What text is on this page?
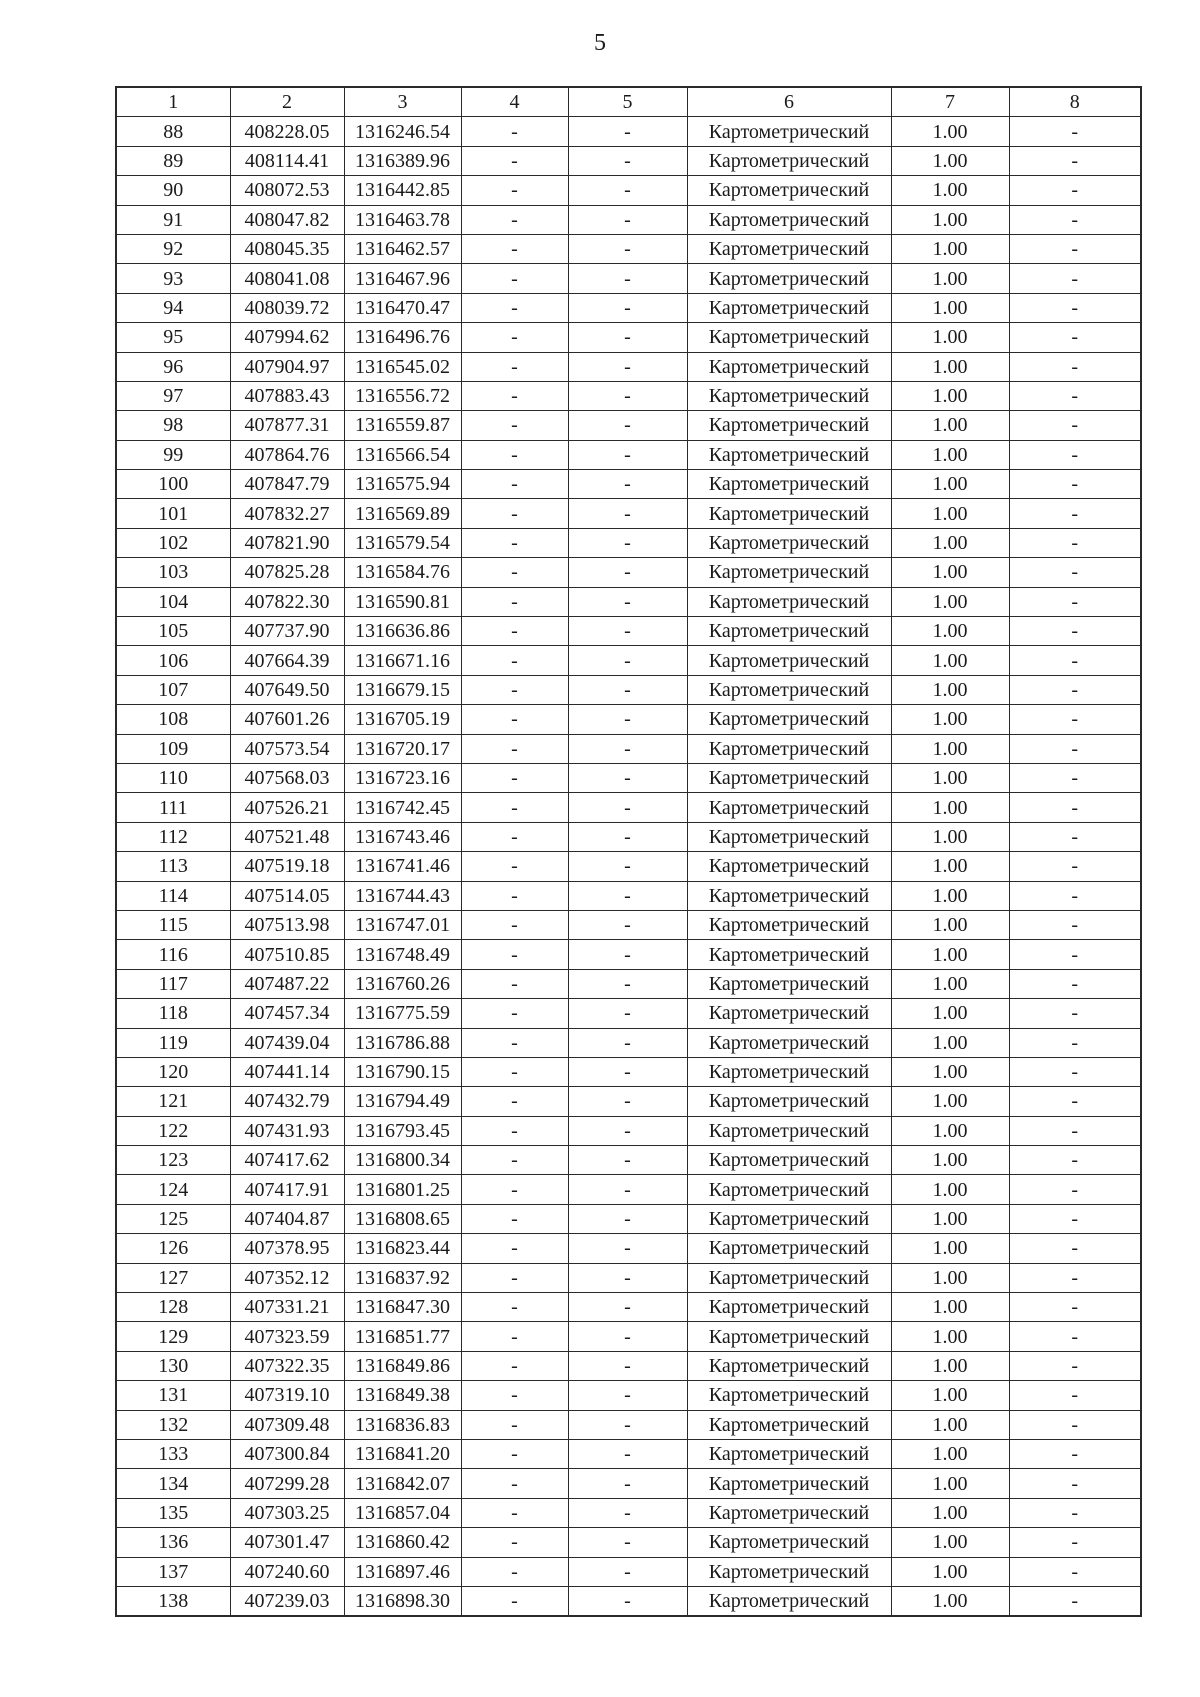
5
1	2	3	4	5	6	7	8
88	408228.05	1316246.54	-	-	Картометрический	1.00	-
89	408114.41	1316389.96	-	-	Картометрический	1.00	-
90	408072.53	1316442.85	-	-	Картометрический	1.00	-
91	408047.82	1316463.78	-	-	Картометрический	1.00	-
92	408045.35	1316462.57	-	-	Картометрический	1.00	-
93	408041.08	1316467.96	-	-	Картометрический	1.00	-
94	408039.72	1316470.47	-	-	Картометрический	1.00	-
95	407994.62	1316496.76	-	-	Картометрический	1.00	-
96	407904.97	1316545.02	-	-	Картометрический	1.00	-
97	407883.43	1316556.72	-	-	Картометрический	1.00	-
98	407877.31	1316559.87	-	-	Картометрический	1.00	-
99	407864.76	1316566.54	-	-	Картометрический	1.00	-
100	407847.79	1316575.94	-	-	Картометрический	1.00	-
101	407832.27	1316569.89	-	-	Картометрический	1.00	-
102	407821.90	1316579.54	-	-	Картометрический	1.00	-
103	407825.28	1316584.76	-	-	Картометрический	1.00	-
104	407822.30	1316590.81	-	-	Картометрический	1.00	-
105	407737.90	1316636.86	-	-	Картометрический	1.00	-
106	407664.39	1316671.16	-	-	Картометрический	1.00	-
107	407649.50	1316679.15	-	-	Картометрический	1.00	-
108	407601.26	1316705.19	-	-	Картометрический	1.00	-
109	407573.54	1316720.17	-	-	Картометрический	1.00	-
110	407568.03	1316723.16	-	-	Картометрический	1.00	-
111	407526.21	1316742.45	-	-	Картометрический	1.00	-
112	407521.48	1316743.46	-	-	Картометрический	1.00	-
113	407519.18	1316741.46	-	-	Картометрический	1.00	-
114	407514.05	1316744.43	-	-	Картометрический	1.00	-
115	407513.98	1316747.01	-	-	Картометрический	1.00	-
116	407510.85	1316748.49	-	-	Картометрический	1.00	-
117	407487.22	1316760.26	-	-	Картометрический	1.00	-
118	407457.34	1316775.59	-	-	Картометрический	1.00	-
119	407439.04	1316786.88	-	-	Картометрический	1.00	-
120	407441.14	1316790.15	-	-	Картометрический	1.00	-
121	407432.79	1316794.49	-	-	Картометрический	1.00	-
122	407431.93	1316793.45	-	-	Картометрический	1.00	-
123	407417.62	1316800.34	-	-	Картометрический	1.00	-
124	407417.91	1316801.25	-	-	Картометрический	1.00	-
125	407404.87	1316808.65	-	-	Картометрический	1.00	-
126	407378.95	1316823.44	-	-	Картометрический	1.00	-
127	407352.12	1316837.92	-	-	Картометрический	1.00	-
128	407331.21	1316847.30	-	-	Картометрический	1.00	-
129	407323.59	1316851.77	-	-	Картометрический	1.00	-
130	407322.35	1316849.86	-	-	Картометрический	1.00	-
131	407319.10	1316849.38	-	-	Картометрический	1.00	-
132	407309.48	1316836.83	-	-	Картометрический	1.00	-
133	407300.84	1316841.20	-	-	Картометрический	1.00	-
134	407299.28	1316842.07	-	-	Картометрический	1.00	-
135	407303.25	1316857.04	-	-	Картометрический	1.00	-
136	407301.47	1316860.42	-	-	Картометрический	1.00	-
137	407240.60	1316897.46	-	-	Картометрический	1.00	-
138	407239.03	1316898.30	-	-	Картометрический	1.00	-
